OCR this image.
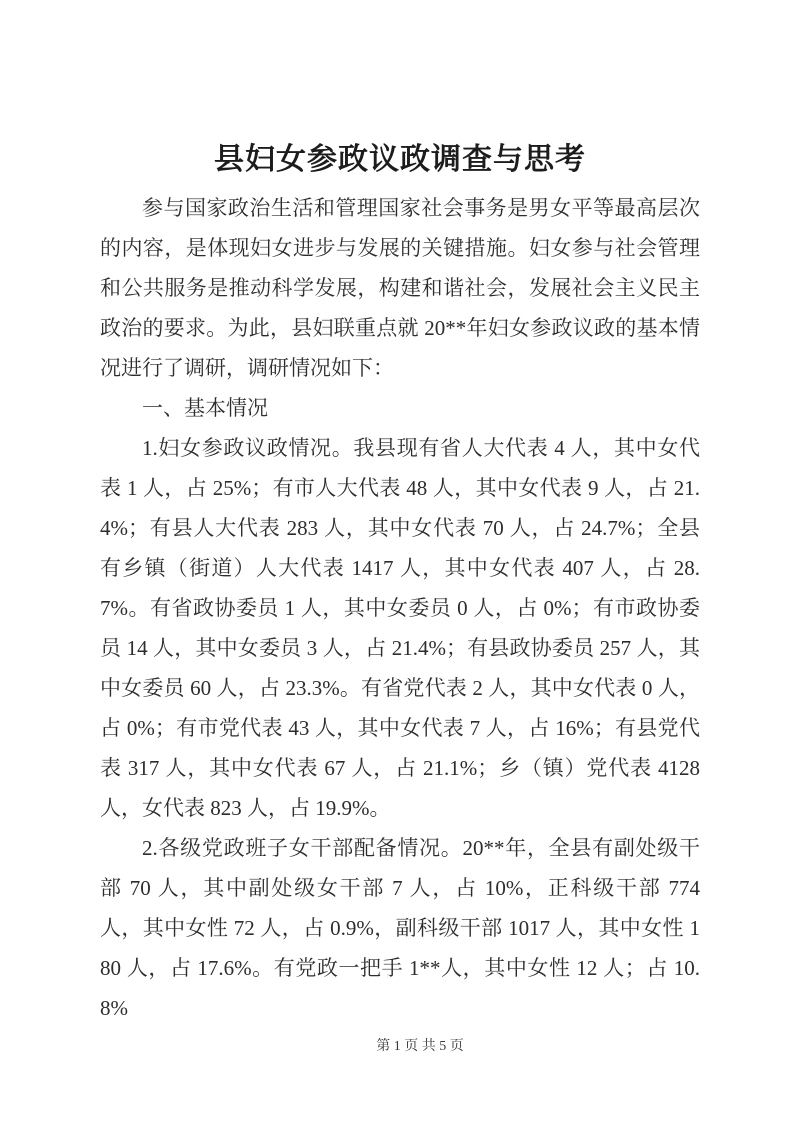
县妇女参政议政调查与思考

参与国家政治生活和管理国家社会事务是男女平等最高层次的内容，是体现妇女进步与发展的关键措施。妇女参与社会管理和公共服务是推动科学发展，构建和谐社会，发展社会主义民主政治的要求。为此，县妇联重点就 20**年妇女参政议政的基本情况进行了调研，调研情况如下：

一、基本情况

1.妇女参政议政情况。我县现有省人大代表 4 人，其中女代表 1 人，占 25%；有市人大代表 48 人，其中女代表 9 人，占 21.4%；有县人大代表 283 人，其中女代表 70 人，占 24.7%；全县有乡镇（街道）人大代表 1417 人，其中女代表 407 人，占 28.7%。有省政协委员 1 人，其中女委员 0 人，占 0%；有市政协委员 14 人，其中女委员 3 人，占 21.4%；有县政协委员 257 人，其中女委员 60 人，占 23.3%。有省党代表 2 人，其中女代表 0 人，占 0%；有市党代表 43 人，其中女代表 7 人，占 16%；有县党代表 317 人，其中女代表 67 人，占 21.1%；乡（镇）党代表 4128 人，女代表 823 人，占 19.9%。

2.各级党政班子女干部配备情况。20**年，全县有副处级干部 70 人，其中副处级女干部 7 人，占 10%，正科级干部 774 人，其中女性 72 人，占 0.9%，副科级干部 1017 人，其中女性 180 人，占 17.6%。有党政一把手 1**人，其中女性 12 人；占 10.8%

第 1 页 共 5 页
